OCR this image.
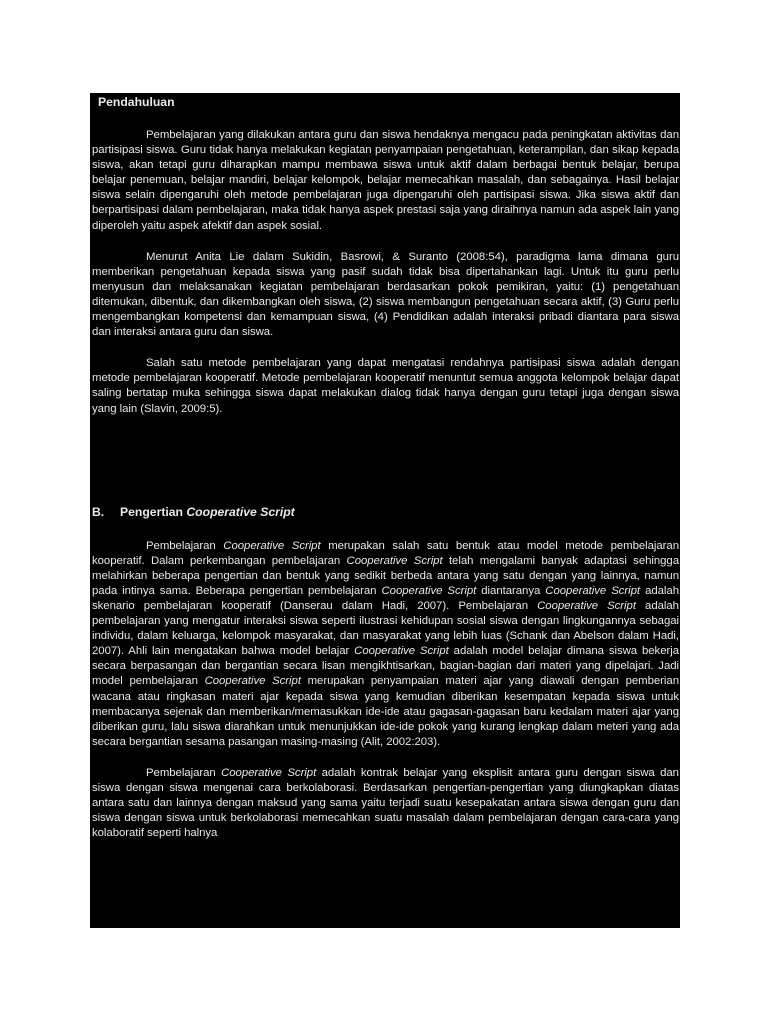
Pendahuluan

Pembelajaran yang dilakukan antara guru dan siswa hendaknya mengacu pada peningkatan aktivitas dan partisipasi siswa. Guru tidak hanya melakukan kegiatan penyampaian pengetahuan, keterampilan, dan sikap kepada siswa, akan tetapi guru diharapkan mampu membawa siswa untuk aktif dalam berbagai bentuk belajar, berupa belajar penemuan, belajar mandiri, belajar kelompok, belajar memecahkan masalah, dan sebagainya. Hasil belajar siswa selain dipengaruhi oleh metode pembelajaran juga dipengaruhi oleh partisipasi siswa. Jika siswa aktif dan berpartisipasi dalam pembelajaran, maka tidak hanya aspek prestasi saja yang diraihnya namun ada aspek lain yang diperoleh yaitu aspek afektif dan aspek sosial.

Menurut Anita Lie dalam Sukidin, Basrowi, & Suranto (2008:54), paradigma lama dimana guru memberikan pengetahuan kepada siswa yang pasif sudah tidak bisa dipertahankan lagi. Untuk itu guru perlu menyusun dan melaksanakan kegiatan pembelajaran berdasarkan pokok pemikiran, yaitu: (1) pengetahuan ditemukan, dibentuk, dan dikembangkan oleh siswa, (2) siswa membangun pengetahuan secara aktif, (3) Guru perlu mengembangkan kompetensi dan kemampuan siswa, (4) Pendidikan adalah interaksi pribadi diantara para siswa dan interaksi antara guru dan siswa.

Salah satu metode pembelajaran yang dapat mengatasi rendahnya partisipasi siswa adalah dengan metode pembelajaran kooperatif. Metode pembelajaran kooperatif menuntut semua anggota kelompok belajar dapat saling bertatap muka sehingga siswa dapat melakukan dialog tidak hanya dengan guru tetapi juga dengan siswa yang lain (Slavin, 2009:5).

B. Pengertian Cooperative Script

Pembelajaran Cooperative Script merupakan salah satu bentuk atau model metode pembelajaran kooperatif. Dalam perkembangan pembelajaran Cooperative Script telah mengalami banyak adaptasi sehingga melahirkan beberapa pengertian dan bentuk yang sedikit berbeda antara yang satu dengan yang lainnya, namun pada intinya sama. Beberapa pengertian pembelajaran Cooperative Script diantaranya Cooperative Script adalah skenario pembelajaran kooperatif (Danserau dalam Hadi, 2007). Pembelajaran Cooperative Script adalah pembelajaran yang mengatur interaksi siswa seperti ilustrasi kehidupan sosial siswa dengan lingkungannya sebagai individu, dalam keluarga, kelompok masyarakat, dan masyarakat yang lebih luas (Schank dan Abelson dalam Hadi, 2007). Ahli lain mengatakan bahwa model belajar Cooperative Script adalah model belajar dimana siswa bekerja secara berpasangan dan bergantian secara lisan mengikhtisarkan, bagian-bagian dari materi yang dipelajari. Jadi model pembelajaran Cooperative Script merupakan penyampaian materi ajar yang diawali dengan pemberian wacana atau ringkasan materi ajar kepada siswa yang kemudian diberikan kesempatan kepada siswa untuk membacanya sejenak dan memberikan/memasukkan ide-ide atau gagasan-gagasan baru kedalam materi ajar yang diberikan guru, lalu siswa diarahkan untuk menunjukkan ide-ide pokok yang kurang lengkap dalam meteri yang ada secara bergantian sesama pasangan masing-masing (Alit, 2002:203).

Pembelajaran Cooperative Script adalah kontrak belajar yang eksplisit antara guru dengan siswa dan siswa dengan siswa mengenai cara berkolaborasi. Berdasarkan pengertian-pengertian yang diungkapkan diatas antara satu dan lainnya dengan maksud yang sama yaitu terjadi suatu kesepakatan antara siswa dengan guru dan siswa dengan siswa untuk berkolaborasi memecahkan suatu masalah dalam pembelajaran dengan cara-cara yang kolaboratif seperti halnya
